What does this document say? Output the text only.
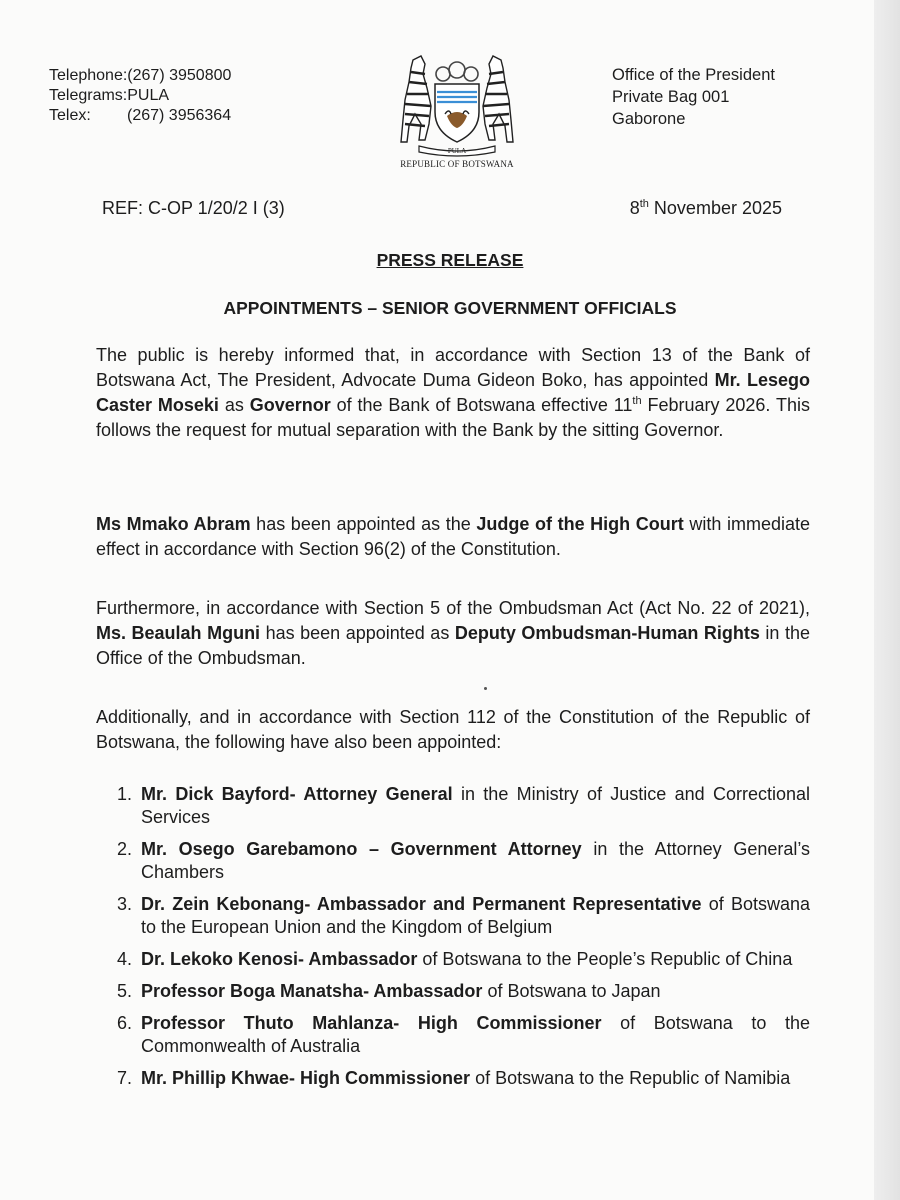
Telephone: (267) 3950800
Telegrams: PULA
Telex:	(267) 3956364
PULA
REPUBLIC OF BOTSWANA
Office of the President
Private Bag 001
Gaborone
REF: C-OP 1/20/2 I (3)	8th November 2025
PRESS RELEASE
APPOINTMENTS – SENIOR GOVERNMENT OFFICIALS

The public is hereby informed that, in accordance with Section 13 of the Bank of Botswana Act, The President, Advocate Duma Gideon Boko, has appointed Mr. Lesego Caster Moseki as Governor of the Bank of Botswana effective 11th February 2026. This follows the request for mutual separation with the Bank by the sitting Governor.

Ms Mmako Abram has been appointed as the Judge of the High Court with immediate effect in accordance with Section 96(2) of the Constitution.

Furthermore, in accordance with Section 5 of the Ombudsman Act (Act No. 22 of 2021), Ms. Beaulah Mguni has been appointed as Deputy Ombudsman-Human Rights in the Office of the Ombudsman.

Additionally, and in accordance with Section 112 of the Constitution of the Republic of Botswana, the following have also been appointed:

1. Mr. Dick Bayford- Attorney General in the Ministry of Justice and Correctional Services
2. Mr. Osego Garebamono – Government Attorney in the Attorney General’s Chambers
3. Dr. Zein Kebonang- Ambassador and Permanent Representative of Botswana to the European Union and the Kingdom of Belgium
4. Dr. Lekoko Kenosi- Ambassador of Botswana to the People’s Republic of China
5. Professor Boga Manatsha- Ambassador of Botswana to Japan
6. Professor Thuto Mahlanza- High Commissioner of Botswana to the Commonwealth of Australia
7. Mr. Phillip Khwae- High Commissioner of Botswana to the Republic of Namibia
